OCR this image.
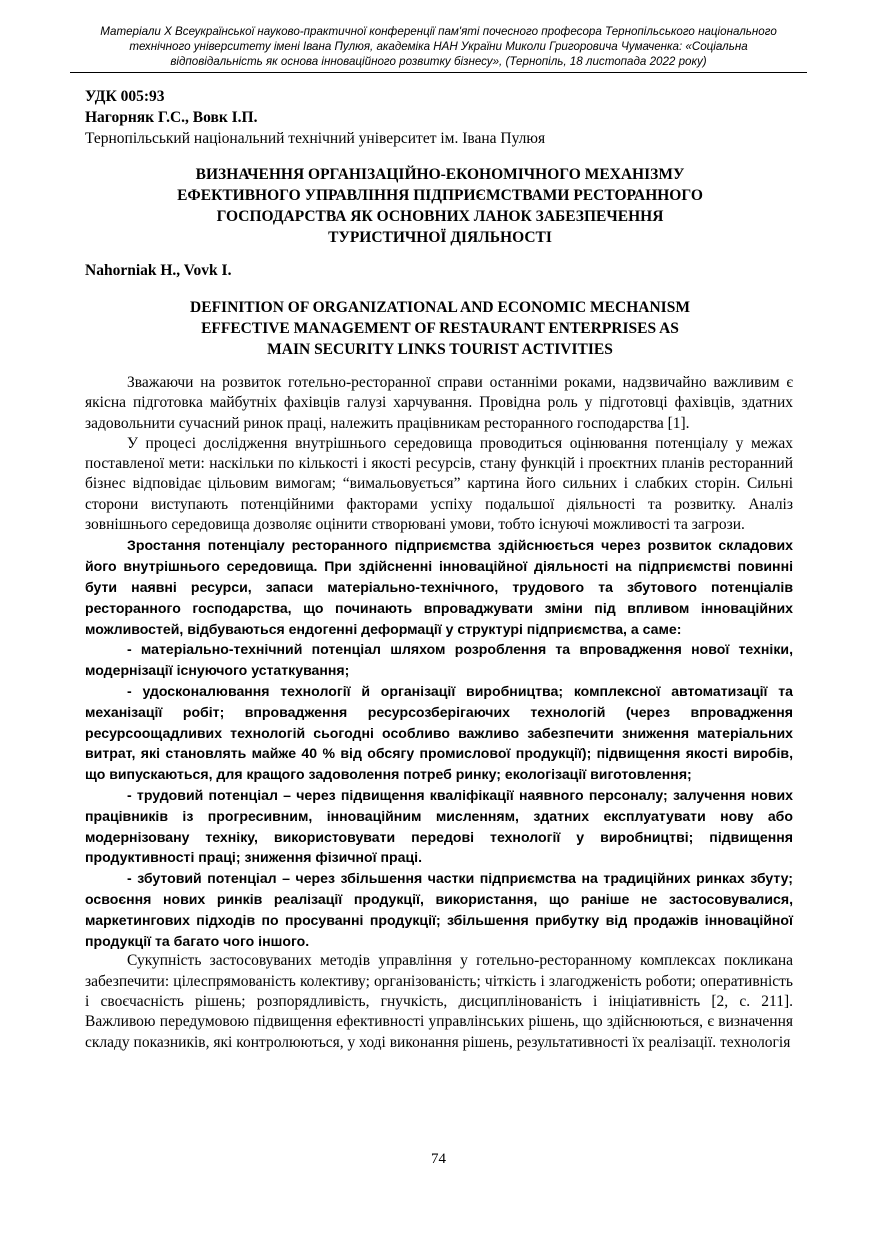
Матеріали X Всеукраїнської науково-практичної конференції пам'яті почесного професора Тернопільського національного
технічного університету імені Івана Пулюя, академіка НАН України Миколи Григоровича Чумаченка: «Соціальна
відповідальність як основа інноваційного розвитку бізнесу», (Тернопіль, 18 листопада 2022 року)
УДК 005:93
Нагорняк Г.С., Вовк І.П.
Тернопільський національний технічний університет ім. Івана Пулюя
ВИЗНАЧЕННЯ ОРГАНІЗАЦІЙНО-ЕКОНОМІЧНОГО МЕХАНІЗМУ
ЕФЕКТИВНОГО УПРАВЛІННЯ ПІДПРИЄМСТВАМИ РЕСТОРАННОГО
ГОСПОДАРСТВА ЯК ОСНОВНИХ ЛАНОК ЗАБЕЗПЕЧЕННЯ
ТУРИСТИЧНОЇ ДІЯЛЬНОСТІ
Nahorniak H., Vovk I.
DEFINITION OF ORGANIZATIONAL AND ECONOMIC MECHANISM
EFFECTIVE MANAGEMENT OF RESTAURANT ENTERPRISES AS
MAIN SECURITY LINKS TOURIST ACTIVITIES

Зважаючи на розвиток готельно-ресторанної справи останніми роками, надзвичайно важливим є якісна підготовка майбутніх фахівців галузі харчування. Провідна роль у підготовці фахівців, здатних задовольнити сучасний ринок праці, належить працівникам ресторанного господарства [1].

У процесі дослідження внутрішнього середовища проводиться оцінювання потенціалу у межах поставленої мети: наскільки по кількості і якості ресурсів, стану функцій і проєктних планів ресторанний бізнес відповідає цільовим вимогам; “вимальовується” картина його сильних і слабких сторін. Сильні сторони виступають потенційними факторами успіху подальшої діяльності та розвитку. Аналіз зовнішнього середовища дозволяє оцінити створювані умови, тобто існуючі можливості та загрози.

Зростання потенціалу ресторанного підприємства здійснюється через розвиток складових його внутрішнього середовища. При здійсненні інноваційної діяльності на підприємстві повинні бути наявні ресурси, запаси матеріально-технічного, трудового та збутового потенціалів ресторанного господарства, що починають впроваджувати зміни під впливом інноваційних можливостей, відбуваються ендогенні деформації у структурі підприємства, а саме:

- матеріально-технічний потенціал шляхом розроблення та впровадження нової техніки, модернізації існуючого устаткування;

- удосконалювання технології й організації виробництва; комплексної автоматизації та механізації робіт; впровадження ресурсозберігаючих технологій (через впровадження ресурсоощадливих технологій сьогодні особливо важливо забезпечити зниження матеріальних витрат, які становлять майже 40 % від обсягу промислової продукції); підвищення якості виробів, що випускаються, для кращого задоволення потреб ринку; екологізації виготовлення;

- трудовий потенціал – через підвищення кваліфікації наявного персоналу; залучення нових працівників із прогресивним, інноваційним мисленням, здатних експлуатувати нову або модернізовану техніку, використовувати передові технології у виробництві; підвищення продуктивності праці; зниження фізичної праці.

- збутовий потенціал – через збільшення частки підприємства на традиційних ринках збуту; освоєння нових ринків реалізації продукції, використання, що раніше не застосовувалися, маркетингових підходів по просуванні продукції; збільшення прибутку від продажів інноваційної продукції та багато чого іншого.

Сукупність застосовуваних методів управління у готельно-ресторанному комплексах покликана забезпечити: цілеспрямованість колективу; організованість; чіткість і злагодженість роботи; оперативність і своєчасність рішень; розпорядливість, гнучкість, дисциплінованість і ініціативність [2, с. 211]. Важливою передумовою підвищення ефективності управлінських рішень, що здійснюються, є визначення складу показників, які контролюються, у ході виконання рішень, результативності їх реалізації. технологія

74
